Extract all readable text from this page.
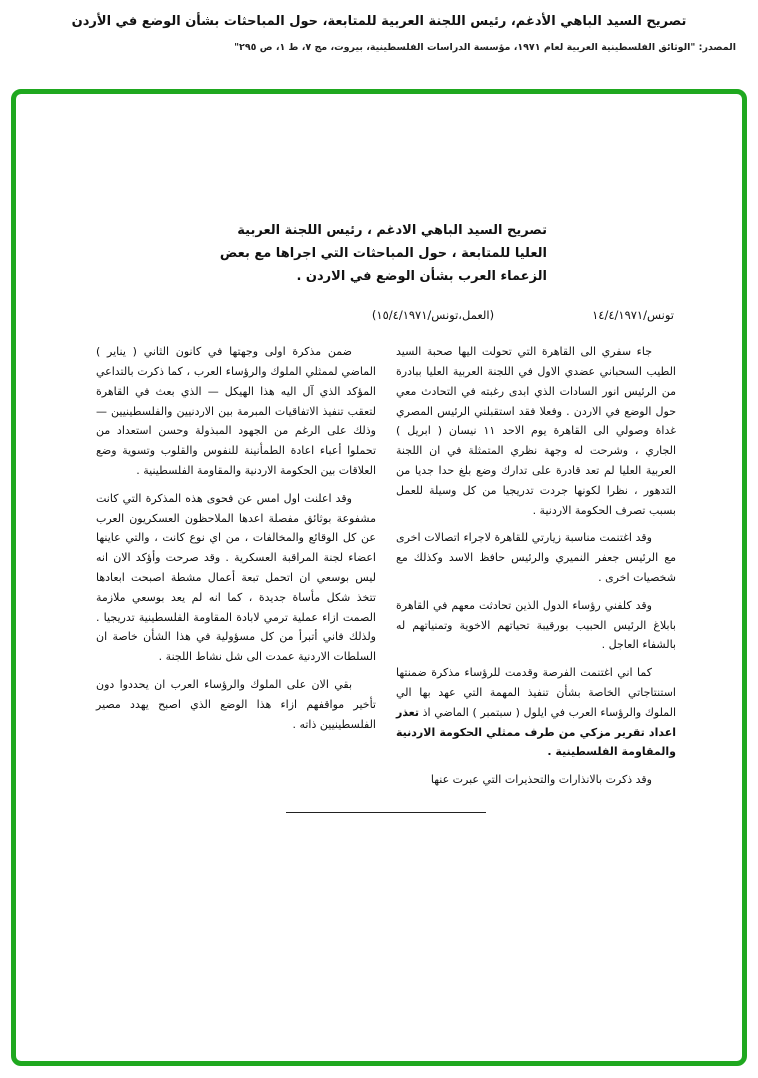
تصريح السيد الباهي الأدغم، رئيس اللجنة العربية للمتابعة، حول المباحثات بشأن الوضع في الأردن
المصدر: "الوثائق الفلسطينية العربية لعام ١٩٧١، مؤسسة الدراسات الفلسطينية، بيروت، مج ٧، ط ١، ص ٢٩٥"
تصريح السيد الباهي الادغم ، رئيس اللجنة العربية
العليا للمتابعة ، حول المباحثات التي اجراها مع بعض
الزعماء العرب بشأن الوضع في الاردن .
تونس/١٤/٤/١٩٧١
(العمل،تونس/١٥/٤/١٩٧١)

جاء سفري الى القاهرة التي تحولت اليها صحبة السيد الطيب السحباني عضدي الاول في اللجنة العربية العليا ببادرة من الرئيس انور السادات الذي ابدى رغبته في التحادث معي حول الوضع في الاردن . وفعلا فقد استقبلني الرئيس المصري غداة وصولي الى القاهرة يوم الاحد ١١ نيسان ( ابريل ) الجاري ، وشرحت له وجهة نظري المتمثلة في ان اللجنة العربية العليا لم تعد قادرة على تدارك وضع بلغ حدا جديا من التدهور ، نظرا لكونها جردت تدريجيا من كل وسيلة للعمل بسبب تصرف الحكومة الاردنية .

وقد اغتنمت مناسبة زيارتي للقاهرة لاجراء اتصالات اخرى مع الرئيس جعفر النميري والرئيس حافظ الاسد وكذلك مع شخصيات اخرى .

وقد كلفني رؤساء الدول الذين تحادثت معهم في القاهرة بابلاغ الرئيس الحبيب بورقيبة تحياتهم الاخوية وتمنياتهم له بالشفاء العاجل .

كما اني اغتنمت الفرصة وقدمت للرؤساء مذكرة ضمنتها استنتاجاتي الخاصة بشأن تنفيذ المهمة التي عهد بها الي الملوك والرؤساء العرب في ايلول ( سبتمبر ) الماضي اذ تعذر اعداد تقرير مزكي من طرف ممثلي الحكومة الاردنية والمقاومة الفلسطينية .

وقد ذكرت بالانذارات والتحذيرات التي عبرت عنها

ضمن مذكرة اولى وجهتها في كانون الثاني ( يناير ) الماضي لممثلي الملوك والرؤساء العرب ، كما ذكرت بالتداعي المؤكد الذي آل اليه هذا الهيكل — الذي بعث في القاهرة لتعقب تنفيذ الاتفاقيات المبرمة بين الاردنيين والفلسطينيين — وذلك على الرغم من الجهود المبذولة وحسن استعداد من تحملوا أعباء اعادة الطمأنينة للنفوس والقلوب وتسوية وضع العلاقات بين الحكومة الاردنية والمقاومة الفلسطينية .

وقد اعلنت اول امس عن فحوى هذه المذكرة التي كانت مشفوعة بوثائق مفصلة اعدها الملاحظون العسكريون العرب عن كل الوقائع والمخالفات ، من اي نوع كانت ، والتي عاينها اعضاء لجنة المراقبة العسكرية . وقد صرحت وأؤكد الان انه ليس بوسعي ان اتحمل تبعة أعمال مشطة اصبحت ابعادها تتخذ شكل مأساة جديدة ، كما انه لم يعد بوسعي ملازمة الصمت ازاء عملية ترمي لابادة المقاومة الفلسطينية تدريجيا . ولذلك فاني أتبرأ من كل مسؤولية في هذا الشأن خاصة ان السلطات الاردنية عمدت الى شل نشاط اللجنة .

بقي الان على الملوك والرؤساء العرب ان يحددوا دون تأخير مواقفهم ازاء هذا الوضع الذي اصبح يهدد مصير الفلسطينيين ذاته .
